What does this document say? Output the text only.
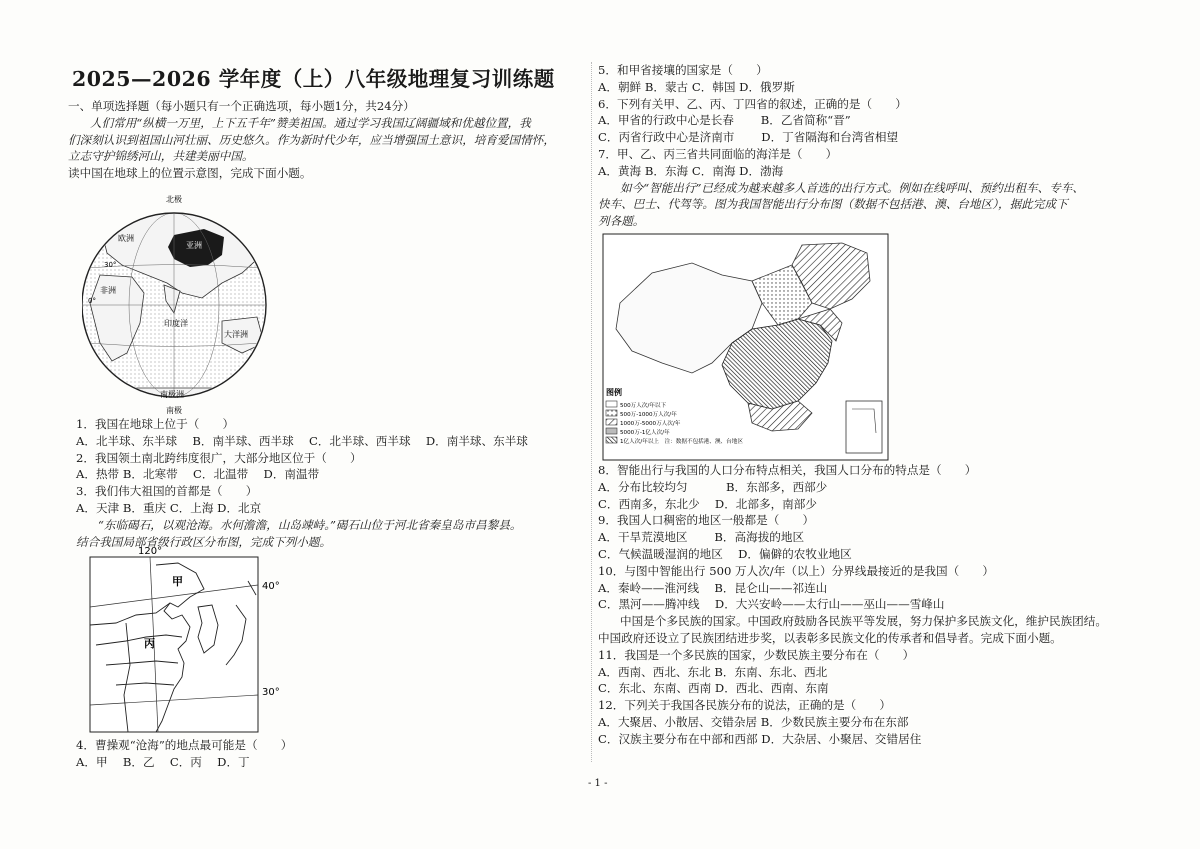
2025—2026 学年度（上）八年级地理复习训练题
一、单项选择题（每小题只有一个正确选项，每小题1分，共24分）
人们常用“纵横一万里，上下五千年”赞美祖国。通过学习我国辽阔疆域和优越位置，我
们深刻认识到祖国山河壮丽、历史悠久。作为新时代少年，应当增强国土意识，培育爱国情怀，
立志守护锦绣河山，共建美丽中国。
读中国在地球上的位置示意图，完成下面小题。
北极
欧洲
亚洲
非洲
印度洋
大洋洲
南极洲
30°
0°
南极
1．我国在地球上位于（　　）
A．北半球、东半球　 B．南半球、西半球　 C．北半球、西半球　 D．南半球、东半球
2．我国领土南北跨纬度很广，大部分地区位于（　　）
A．热带 B．北寒带　 C．北温带　 D．南温带
3．我们伟大祖国的首都是（　　）
A．天津 B．重庆 C．上海 D．北京
“东临碣石，以观沧海。水何澹澹，山岛竦峙。”碣石山位于河北省秦皇岛市昌黎县。
结合我国局部省级行政区分布图，完成下列小题。
120°
40°
30°
甲
丙
4．曹操观“沧海”的地点最可能是（　　）
A．甲　 B．乙　 C．丙　 D．丁
5．和甲省接壤的国家是（　　）
A．朝鲜 B．蒙古 C．韩国 D．俄罗斯
6．下列有关甲、乙、丙、丁四省的叙述，正确的是（　　）
A．甲省的行政中心是长春　　 B．乙省简称“晋”
C．丙省行政中心是济南市　　 D．丁省隔海和台湾省相望
7．甲、乙、丙三省共同面临的海洋是（　　）
A．黄海 B．东海 C．南海 D．渤海
如今“智能出行”已经成为越来越多人首选的出行方式。例如在线呼叫、预约出租车、专车、
快车、巴士、代驾等。图为我国智能出行分布图（数据不包括港、澳、台地区），据此完成下
列各题。
图例
500万人次/年以下
500万-1000万人次/年
1000万-5000万人次/年
5000万-1亿人次/年
1亿人次/年以上　注：数据不包括港、澳、台地区
8．智能出行与我国的人口分布特点相关，我国人口分布的特点是（　　）
A．分布比较均匀　　　 B．东部多，西部少
C．西南多，东北少　 D．北部多，南部少
9．我国人口稠密的地区一般都是（　　）
A．干旱荒漠地区　　 B．高海拔的地区
C．气候温暖湿润的地区　 D．偏僻的农牧业地区
10．与图中智能出行 500 万人次/年（以上）分界线最接近的是我国（　　）
A．秦岭——淮河线　 B．昆仑山——祁连山
C．黑河——腾冲线　 D．大兴安岭——太行山——巫山——雪峰山
中国是个多民族的国家。中国政府鼓励各民族平等发展，努力保护多民族文化，维护民族团结。
中国政府还设立了民族团结进步奖，以表彰多民族文化的传承者和倡导者。完成下面小题。
11．我国是一个多民族的国家，少数民族主要分布在（　　）
A．西南、西北、东北 B．东南、东北、西北
C．东北、东南、西南 D．西北、西南、东南
12．下列关于我国各民族分布的说法，正确的是（　　）
A．大聚居、小散居、交错杂居 B．少数民族主要分布在东部
C．汉族主要分布在中部和西部 D．大杂居、小聚居、交错居住
- 1 -
